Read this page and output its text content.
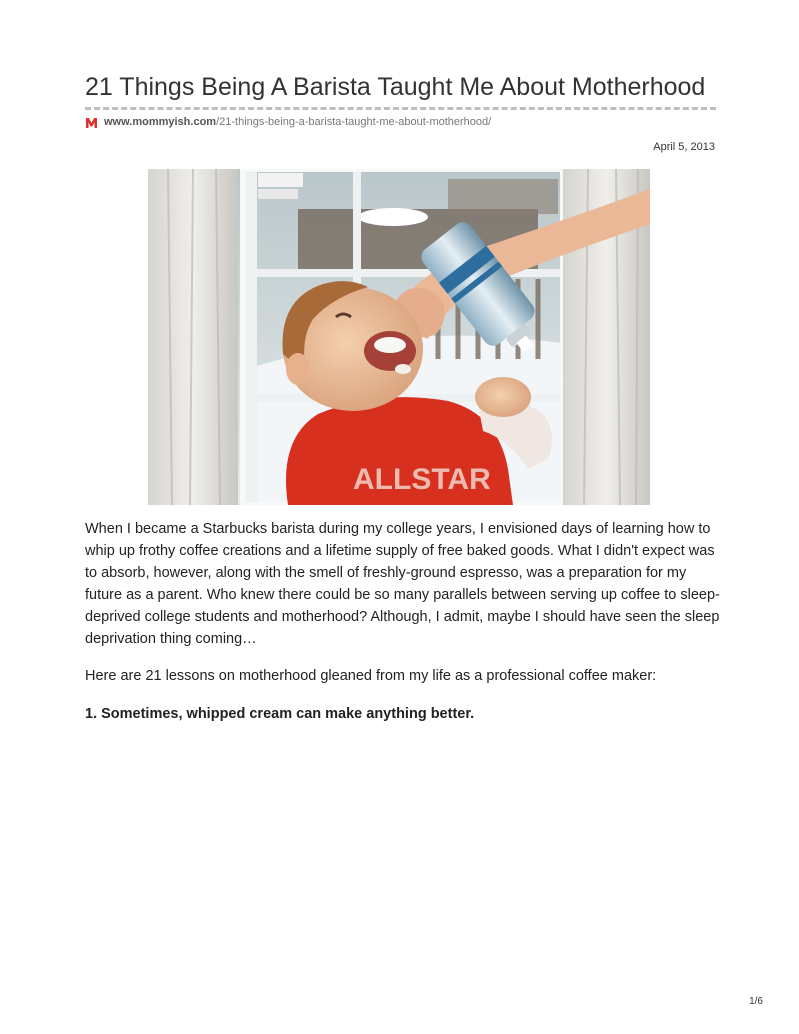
21 Things Being A Barista Taught Me About Motherhood
www.mommyish.com /21-things-being-a-barista-taught-me-about-motherhood/
April 5, 2013
ALLSTAR

When I became a Starbucks barista during my college years, I envisioned days of learning how to whip up frothy coffee creations and a lifetime supply of free baked goods. What I didn't expect was to absorb, however, along with the smell of freshly-ground espresso, was a preparation for my future as a parent. Who knew there could be so many parallels between serving up coffee to sleep-deprived college students and motherhood? Although, I admit, maybe I should have seen the sleep deprivation thing coming…

Here are 21 lessons on motherhood gleaned from my life as a professional coffee maker:

1. Sometimes, whipped cream can make anything better.

1/6
